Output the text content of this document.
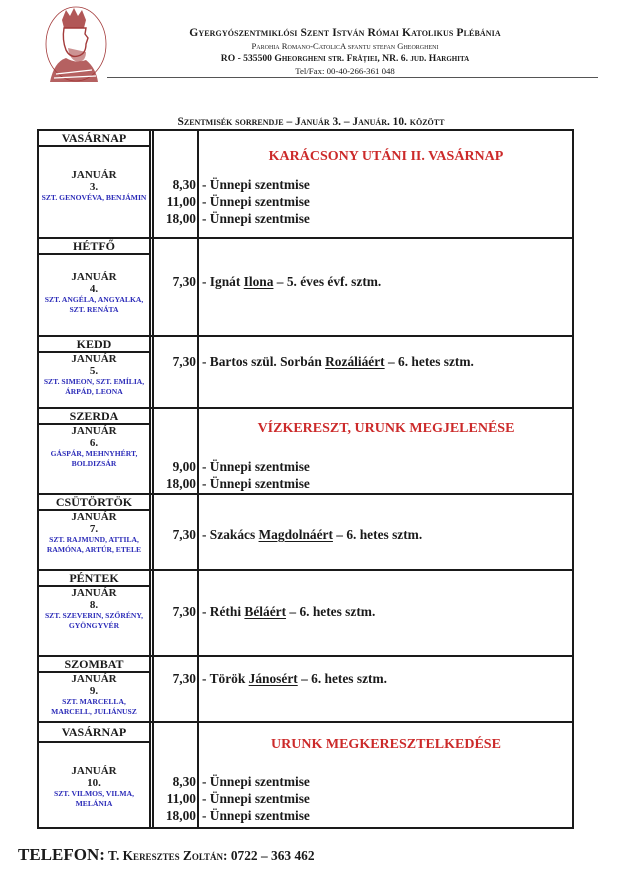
Gyergyószentmiklósi Szent István Római Katolikus Plébánia
Parohia Romano-CatolicA sfantu stefan Gheorgheni
RO - 535500 Gheorgheni str. Frăţiei, NR. 6. jud. Harghita
Tel/Fax: 00-40-266-361 048
Szentmisék sorrendje – Január 3. – Január. 10. között
VASÁRNAP
JANUÁR
3.
SZT. GENOVÉVA, BENJÁMIN
KARÁCSONY UTÁNI II. VASÁRNAP
8,30
11,00
18,00
- Ünnepi szentmise
- Ünnepi szentmise
- Ünnepi szentmise
HÉTFŐ
JANUÁR
4.
SZT. ANGÉLA, ANGYALKA, SZT. RENÁTA
7,30 - Ignát Ilona – 5. éves évf. sztm.
KEDD
JANUÁR
5.
SZT. SIMEON, SZT. EMÍLIA, ÁRPÁD, LEONA
7,30 - Bartos szül. Sorbán Rozáliáért – 6. hetes sztm.
SZERDA
JANUÁR
6.
GÁSPÁR, MEHNYHÉRT, BOLDIZSÁR
VÍZKERESZT, URUNK MEGJELENÉSE
9,00
18,00
- Ünnepi szentmise
- Ünnepi szentmise
CSÜTÖRTÖK
JANUÁR
7.
SZT. RAJMUND, ATTILA, RAMÓNA, ARTÚR, ETELE
7,30 - Szakács Magdolnáért – 6. hetes sztm.
PÉNTEK
JANUÁR
8.
SZT. SZEVERIN, SZŐRÉNY, GYÖNGYVÉR
7,30 - Réthi Béláért – 6. hetes sztm.
SZOMBAT
JANUÁR
9.
SZT. MARCELLA, MARCELL, JULIÁNUSZ
7,30 - Török Jánosért – 6. hetes sztm.
VASÁRNAP
JANUÁR
10.
SZT. VILMOS, VILMA, MELÁNIA
URUNK MEGKERESZTELKEDÉSE
8,30
11,00
18,00
- Ünnepi szentmise
- Ünnepi szentmise
- Ünnepi szentmise
TELEFON: T. Keresztes Zoltán: 0722 – 363 462
